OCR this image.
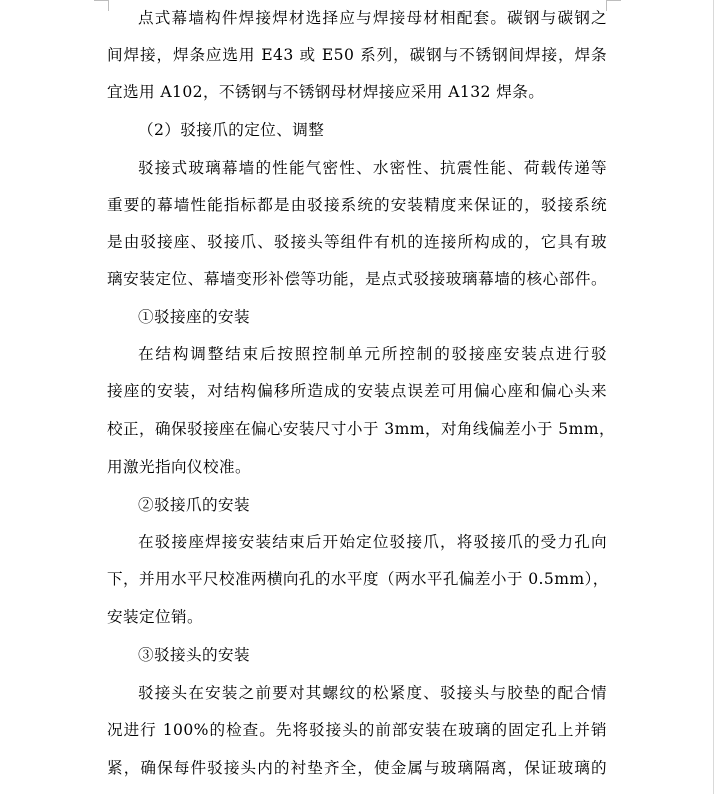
点式幕墙构件焊接焊材选择应与焊接母材相配套。碳钢与碳钢之
间焊接，焊条应选用 E43 或 E50 系列，碳钢与不锈钢间焊接，焊条
宜选用 A102，不锈钢与不锈钢母材焊接应采用 A132 焊条。
（2）驳接爪的定位、调整
驳接式玻璃幕墙的性能气密性、水密性、抗震性能、荷载传递等
重要的幕墙性能指标都是由驳接系统的安装精度来保证的，驳接系统
是由驳接座、驳接爪、驳接头等组件有机的连接所构成的，它具有玻
璃安装定位、幕墙变形补偿等功能，是点式驳接玻璃幕墙的核心部件。
①驳接座的安装
在结构调整结束后按照控制单元所控制的驳接座安装点进行驳
接座的安装，对结构偏移所造成的安装点误差可用偏心座和偏心头来
校正，确保驳接座在偏心安装尺寸小于 3mm，对角线偏差小于 5mm，
用激光指向仪校准。
②驳接爪的安装
在驳接座焊接安装结束后开始定位驳接爪，将驳接爪的受力孔向
下，并用水平尺校准两横向孔的水平度（两水平孔偏差小于 0.5mm），
安装定位销。
③驳接头的安装
驳接头在安装之前要对其螺纹的松紧度、驳接头与胶垫的配合情
况进行 100%的检查。先将驳接头的前部安装在玻璃的固定孔上并销
紧，确保每件驳接头内的衬垫齐全，使金属与玻璃隔离，保证玻璃的
